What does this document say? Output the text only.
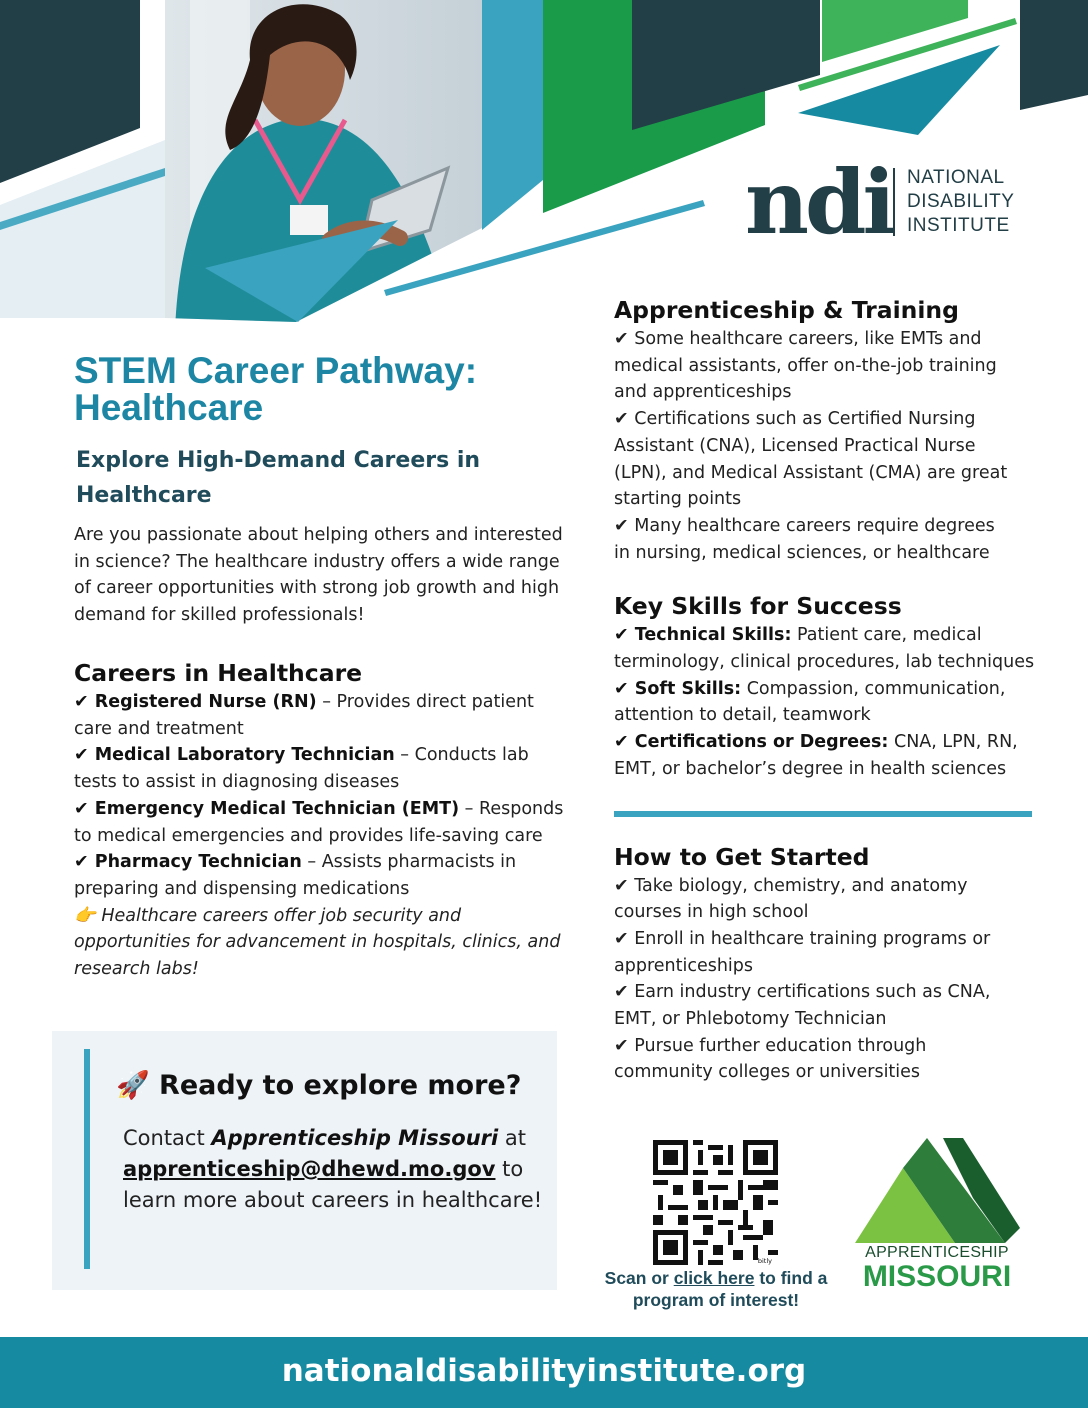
ndi NATIONAL
DISABILITY
INSTITUTE
STEM Career Pathway: Healthcare
Explore High-Demand Careers in Healthcare

Are you passionate about helping others and interested in science? The healthcare industry offers a wide range of career opportunities with strong job growth and high demand for skilled professionals!

Careers in Healthcare
✔ Registered Nurse (RN) – Provides direct patient care and treatment
✔ Medical Laboratory Technician – Conducts lab tests to assist in diagnosing diseases
✔ Emergency Medical Technician (EMT) – Responds to medical emergencies and provides life-saving care
✔ Pharmacy Technician – Assists pharmacists in preparing and dispensing medications

👉 Healthcare careers offer job security and opportunities for advancement in hospitals, clinics, and research labs!

Apprenticeship & Training
✔ Some healthcare careers, like EMTs and
medical assistants, offer on-the-job training
and apprenticeships
✔ Certifications such as Certified Nursing
Assistant (CNA), Licensed Practical Nurse
(LPN), and Medical Assistant (CMA) are great
starting points
✔ Many healthcare careers require degrees
in nursing, medical sciences, or healthcare
Key Skills for Success
✔ Technical Skills: Patient care, medical
terminology, clinical procedures, lab techniques
✔ Soft Skills: Compassion, communication,
attention to detail, teamwork
✔ Certifications or Degrees: CNA, LPN, RN,
EMT, or bachelor’s degree in health sciences
How to Get Started
✔ Take biology, chemistry, and anatomy
courses in high school
✔ Enroll in healthcare training programs or
apprenticeships
✔ Earn industry certifications such as CNA,
EMT, or Phlebotomy Technician
✔ Pursue further education through
community colleges or universities
🚀 Ready to explore more?

Contact Apprenticeship Missouri at apprenticeship@dhewd.mo.gov to learn more about careers in healthcare!

bitly

Scan or click here to find a program of interest!

APPRENTICESHIP
MISSOURI
nationaldisabilityinstitute.org
